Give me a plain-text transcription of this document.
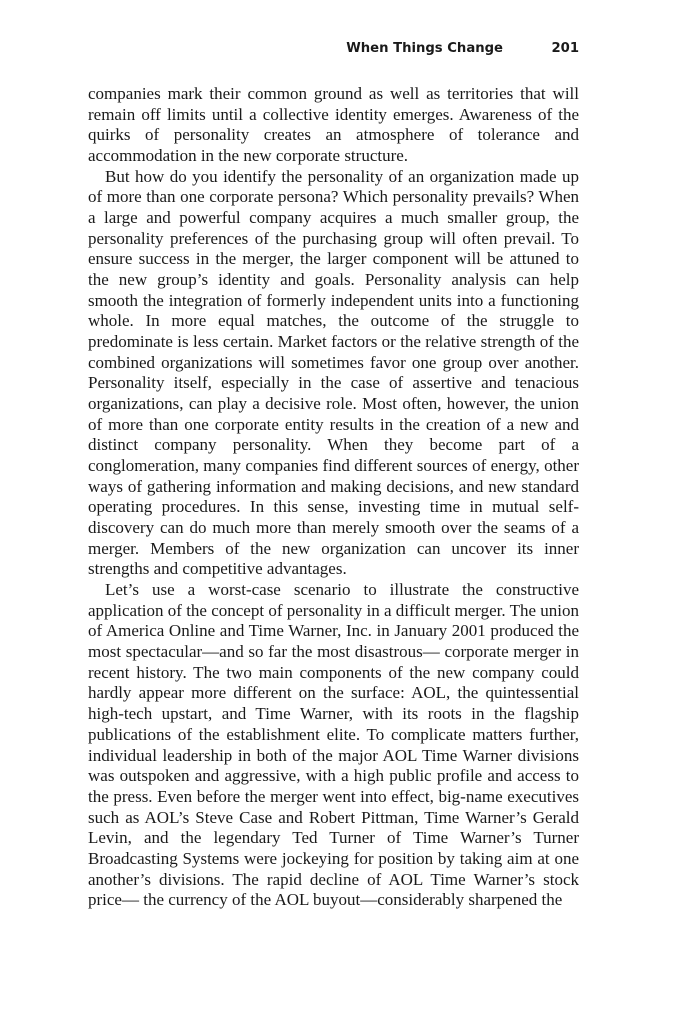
When Things Change	201

companies mark their common ground as well as territories that will remain off limits until a collective identity emerges. Awareness of the quirks of personality creates an atmosphere of tolerance and accommodation in the new corporate structure.

But how do you identify the personality of an organization made up of more than one corporate persona? Which personality prevails? When a large and powerful company acquires a much smaller group, the personality preferences of the purchasing group will often prevail. To ensure success in the merger, the larger component will be attuned to the new group’s identity and goals. Personality analysis can help smooth the integration of formerly independent units into a functioning whole. In more equal matches, the outcome of the struggle to predominate is less certain. Market factors or the relative strength of the combined organizations will sometimes favor one group over another. Personality itself, especially in the case of assertive and tenacious organizations, can play a decisive role. Most often, however, the union of more than one corporate entity results in the creation of a new and distinct company personality. When they become part of a conglomeration, many companies find different sources of energy, other ways of gathering information and making decisions, and new standard operating procedures. In this sense, investing time in mutual self-discovery can do much more than merely smooth over the seams of a merger. Members of the new organization can uncover its inner strengths and competitive advantages.

Let’s use a worst-case scenario to illustrate the constructive application of the concept of personality in a difficult merger. The union of America Online and Time Warner, Inc. in January 2001 produced the most spectacular—and so far the most disastrous— corporate merger in recent history. The two main components of the new company could hardly appear more different on the surface: AOL, the quintessential high-tech upstart, and Time Warner, with its roots in the flagship publications of the establishment elite. To complicate matters further, individual leadership in both of the major AOL Time Warner divisions was outspoken and aggressive, with a high public profile and access to the press. Even before the merger went into effect, big-name executives such as AOL’s Steve Case and Robert Pittman, Time Warner’s Gerald Levin, and the legendary Ted Turner of Time Warner’s Turner Broadcasting Systems were jockeying for position by taking aim at one another’s divisions. The rapid decline of AOL Time Warner’s stock price— the currency of the AOL buyout—considerably sharpened the
